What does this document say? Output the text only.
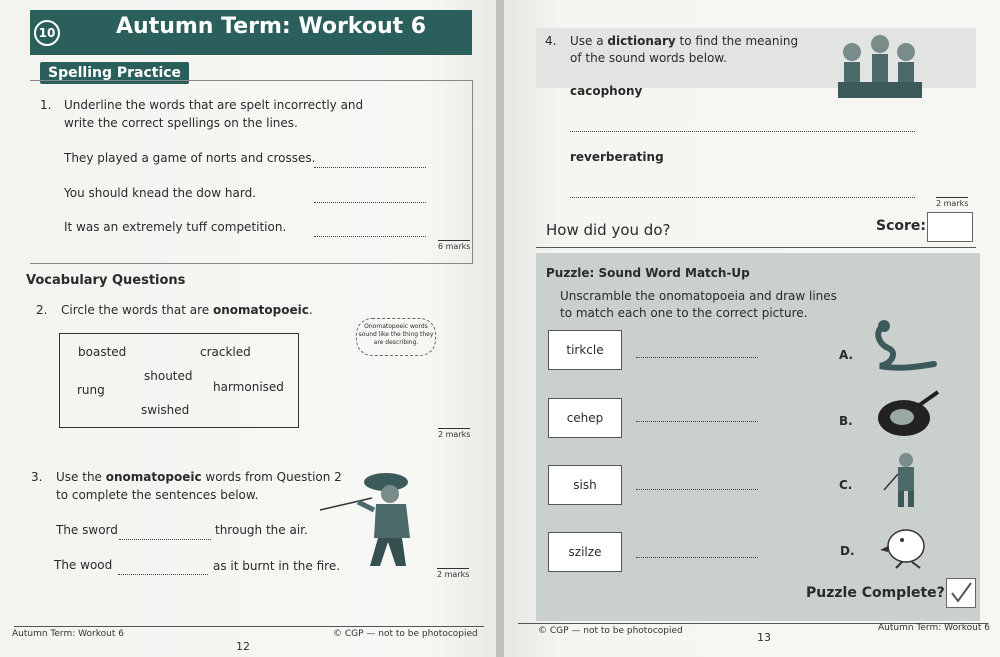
10	Autumn Term: Workout 6
Spelling Practice
1. Underline the words that are spelt incorrectly and
write the correct spellings on the lines.
They played a game of norts and crosses.
You should knead the dow hard.
It was an extremely tuff competition.
6 marks
Vocabulary Questions
2. Circle the words that are onomatopoeic.
Onomatopoeic words sound like the thing they are describing.
boasted	crackled
shouted
rung	harmonised
swished
2 marks
3. Use the onomatopoeic words from Question 2
to complete the sentences below.
The sword	through the air.
The wood	as it burnt in the fire.
2 marks
Autumn Term: Workout 6
12
© CGP — not to be photocopied
4. Use a dictionary to find the meaning
of the sound words below.
cacophony
reverberating
2 marks
How did you do?	Score:
Puzzle: Sound Word Match-Up
Unscramble the onomatopoeia and draw lines
to match each one to the correct picture.
tirkcle	A.
cehep	B.
sish	C.
szilze	D.
Puzzle Complete?
© CGP — not to be photocopied	13
Autumn Term: Workout 6
